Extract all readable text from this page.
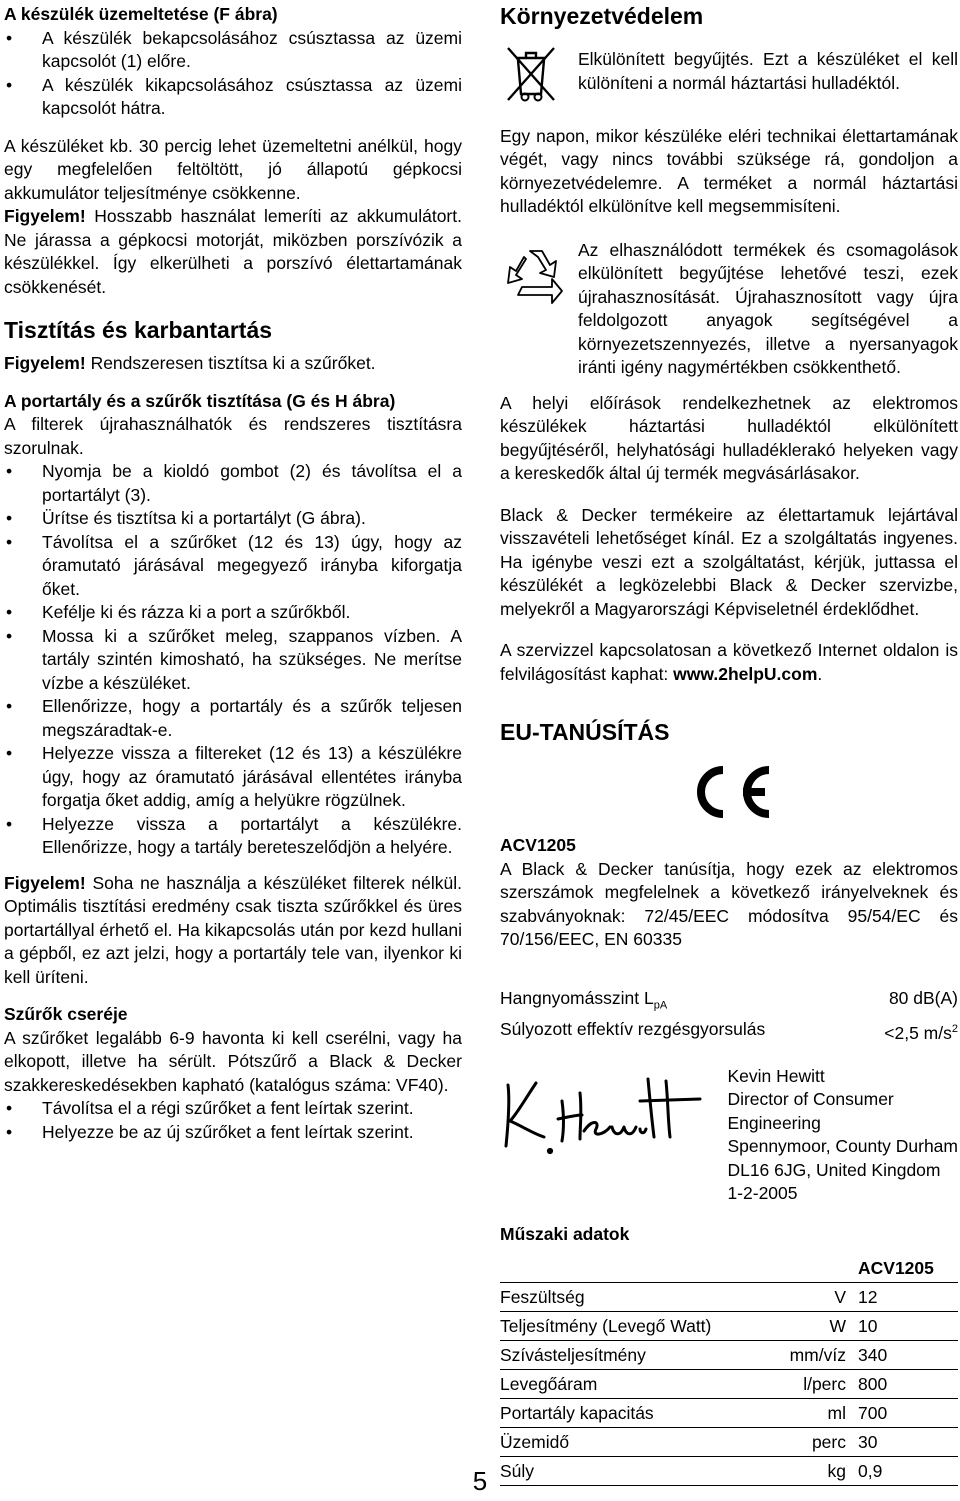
A készülék üzemeltetése (F ábra)

• A készülék bekapcsolásához csúsztassa az üzemi kapcsolót (1) előre.
• A készülék kikapcsolásához csúsztassa az üzemi kapcsolót hátra.

A készüléket kb. 30 percig lehet üzemeltetni anélkül, hogy egy megfelelően feltöltött, jó állapotú gépkocsi akkumulátor teljesítménye csökkenne.

Figyelem! Hosszabb használat lemeríti az akkumulátort. Ne járassa a gépkocsi motorját, miközben porszívózik a készülékkel. Így elkerülheti a porszívó élettartamának csökkenését.

Tisztítás és karbantartás

Figyelem! Rendszeresen tisztítsa ki a szűrőket.

A portartály és a szűrők tisztítása (G és H ábra)

A filterek újrahasználhatók és rendszeres tisztításra szorulnak.

• Nyomja be a kioldó gombot (2) és távolítsa el a portartályt (3).
• Ürítse és tisztítsa ki a portartályt (G ábra).
• Távolítsa el a szűrőket (12 és 13) úgy, hogy az óramutató járásával megegyező irányba kiforgatja őket.
• Kefélje ki és rázza ki a port a szűrőkből.
• Mossa ki a szűrőket meleg, szappanos vízben. A tartály szintén kimosható, ha szükséges. Ne merítse vízbe a készüléket.
• Ellenőrizze, hogy a portartály és a szűrők teljesen megszáradtak-e.
• Helyezze vissza a filtereket (12 és 13) a készülékre úgy, hogy az óramutató járásával ellentétes irányba forgatja őket addig, amíg a helyükre rögzülnek.
• Helyezze vissza a portartályt a készülékre. Ellenőrizze, hogy a tartály bereteszelődjön a helyére.

Figyelem! Soha ne használja a készüléket filterek nélkül. Optimális tisztítási eredmény csak tiszta szűrőkkel és üres portartállyal érhető el. Ha kikapcsolás után por kezd hullani a gépből, ez azt jelzi, hogy a portartály tele van, ilyenkor ki kell üríteni.

Szűrők cseréje

A szűrőket legalább 6-9 havonta ki kell cserélni, vagy ha elkopott, illetve ha sérült. Pótszűrő a Black & Decker szakkereskedésekben kapható (katalógus száma: VF40).

• Távolítsa el a régi szűrőket a fent leírtak szerint.
• Helyezze be az új szűrőket a fent leírtak szerint.

Környezetvédelem

Elkülönített begyűjtés. Ezt a készüléket el kell különíteni a normál háztartási hulladéktól.

Egy napon, mikor készüléke eléri technikai élettartamának végét, vagy nincs további szüksége rá, gondoljon a környezetvédelemre. A terméket a normál háztartási hulladéktól elkülönítve kell megsemmisíteni.

Az elhasználódott termékek és csomagolások elkülönített begyűjtése lehetővé teszi, ezek újrahasznosítását. Újrahasznosított vagy újra feldolgozott anyagok segítségével a környezetszennyezés, illetve a nyersanyagok iránti igény nagymértékben csökkenthető.

A helyi előírások rendelkezhetnek az elektromos készülékek háztartási hulladéktól elkülönített begyűjtéséről, helyhatósági hulladéklerakó helyeken vagy a kereskedők által új termék megvásárlásakor.

Black & Decker termékeire az élettartamuk lejártával visszavételi lehetőséget kínál. Ez a szolgáltatás ingyenes. Ha igénybe veszi ezt a szolgáltatást, kérjük, juttassa el készülékét a legközelebbi Black & Decker szervizbe, melyekről a Magyarországi Képviseletnél érdeklődhet.

A szervizzel kapcsolatosan a következő Internet oldalon is felvilágosítást kaphat: www.2helpU.com.

EU-TANÚSÍTÁS

ACV1205

A Black & Decker tanúsítja, hogy ezek az elektromos szerszámok megfelelnek a következő irányelveknek és szabványoknak: 72/45/EEC módosítva 95/54/EC és 70/156/EEC, EN 60335

Hangnyomásszint $L_{pA}$	80 dB(A)
Súlyozott effektív rezgésgyorsulás	<2,5 $m/s^2$

Kevin Hewitt

Director of Consumer

Engineering

Spennymoor, County Durham

DL16 6JG, United Kingdom

1-2-2005

Műszaki adatok

		ACV1205
Feszültség	V	12
Teljesítmény (Levegő Watt)	W	10
Szívásteljesítmény	mm/víz	340
Levegőáram	l/perc	800
Portartály kapacitás	ml	700
Üzemidő	perc	30
Súly	kg	0,9
5
